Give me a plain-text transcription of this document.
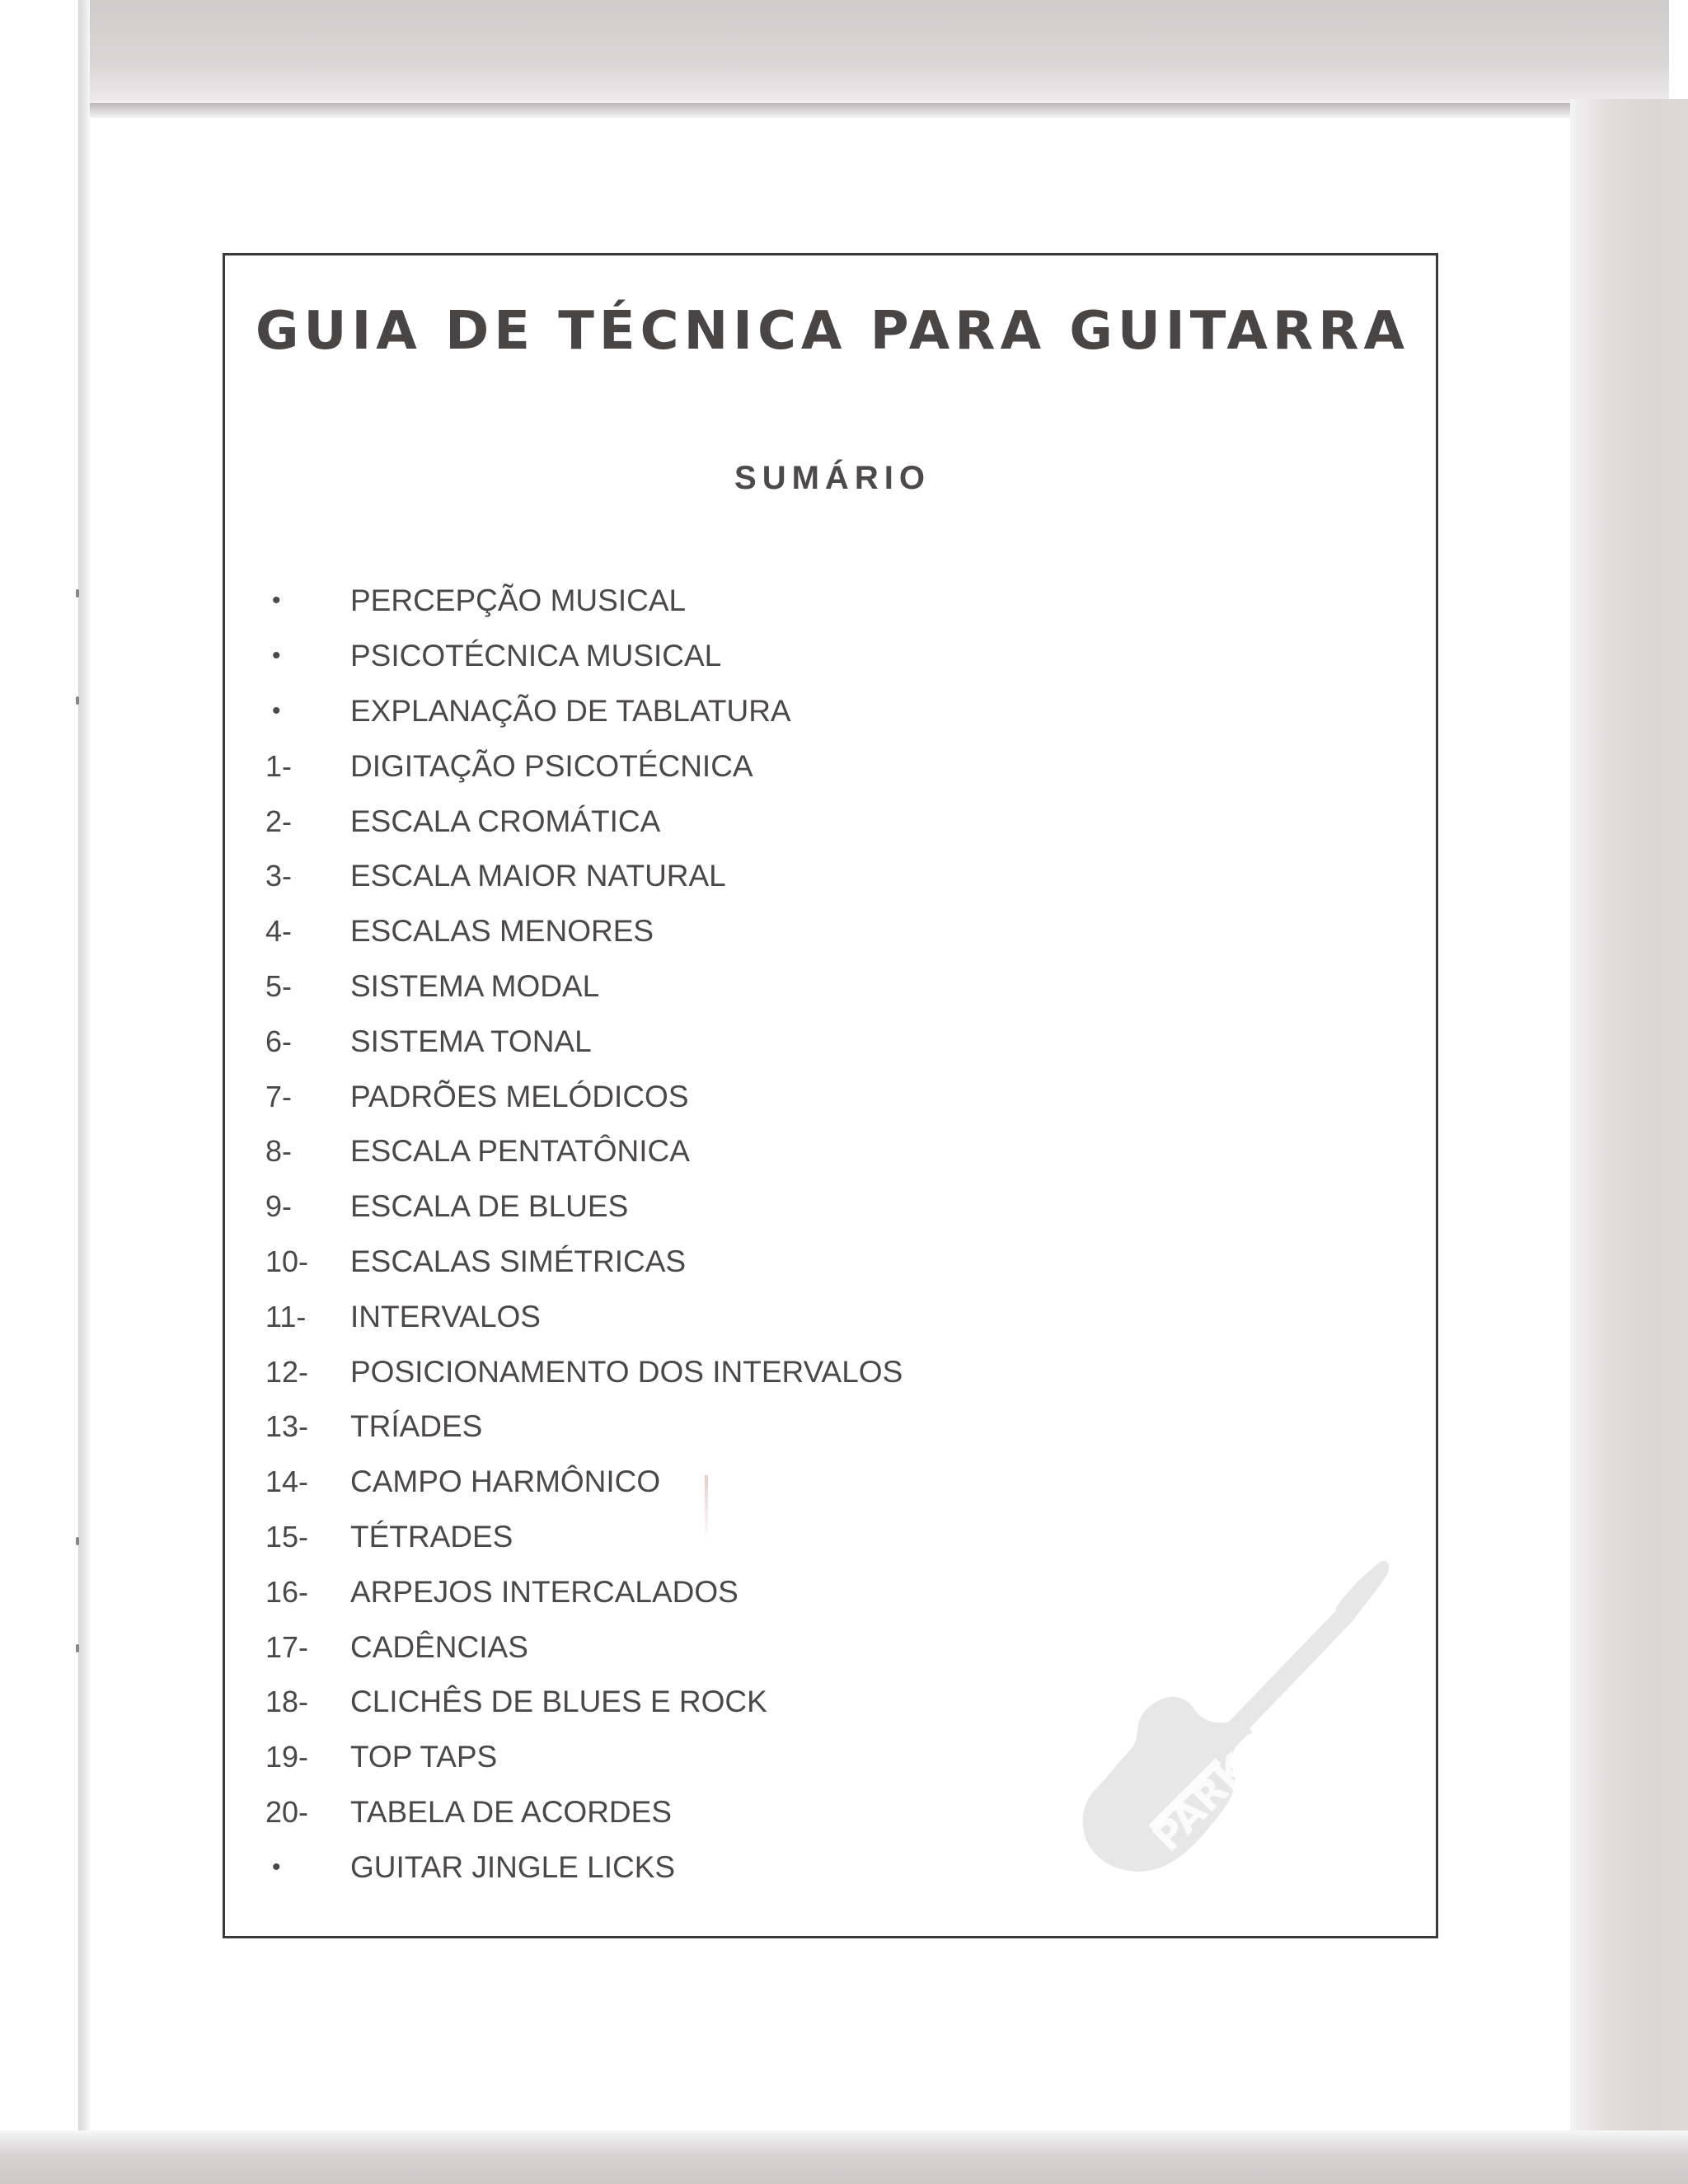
GUIA DE TÉCNICA PARA GUITARRA
SUMÁRIO
•	PERCEPÇÃO MUSICAL
•	PSICOTÉCNICA MUSICAL
•	EXPLANAÇÃO DE TABLATURA
1-	DIGITAÇÃO PSICOTÉCNICA
2-	ESCALA CROMÁTICA
3-	ESCALA MAIOR NATURAL
4-	ESCALAS MENORES
5-	SISTEMA MODAL
6-	SISTEMA TONAL
7-	PADRÕES MELÓDICOS
8-	ESCALA PENTATÔNICA
9-	ESCALA DE BLUES
10-	ESCALAS SIMÉTRICAS
11-	INTERVALOS
12-	POSICIONAMENTO DOS INTERVALOS
13-	TRÍADES
14-	CAMPO HARMÔNICO
15-	TÉTRADES
16-	ARPEJOS INTERCALADOS
17-	CADÊNCIAS
18-	CLICHÊS DE BLUES E ROCK
19-	TOP TAPS
20-	TABELA DE ACORDES
•	GUITAR JINGLE LICKS
PARKER
